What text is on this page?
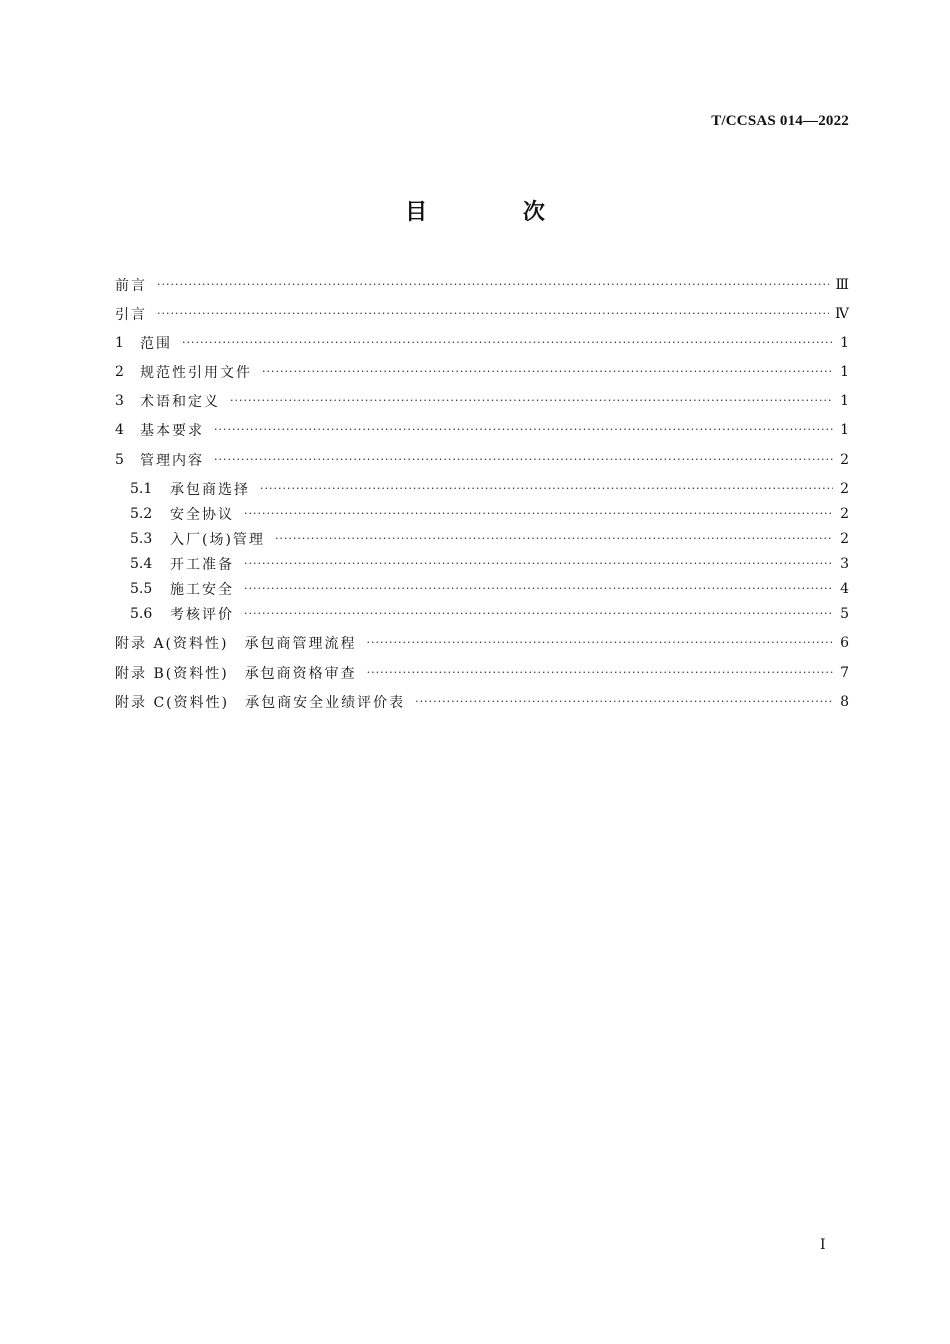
T/CCSAS 014—2022
目 次
前言 ·····	Ⅲ
引言 ·····	Ⅳ
1	范围 ·····	1
2	规范性引用文件 ·····	1
3	术语和定义 ·····	1
4	基本要求 ·····	1
5	管理内容 ·····	2
5.1	承包商选择 ·····	2
5.2	安全协议 ·····	2
5.3	入厂(场)管理 ·····	2
5.4	开工准备 ·····	3
5.5	施工安全 ·····	4
5.6	考核评价 ·····	5
附录 A(资料性)　承包商管理流程 ·····	6
附录 B(资料性)　承包商资格审查 ·····	7
附录 C(资料性)　承包商安全业绩评价表 ·····	8
Ⅰ
